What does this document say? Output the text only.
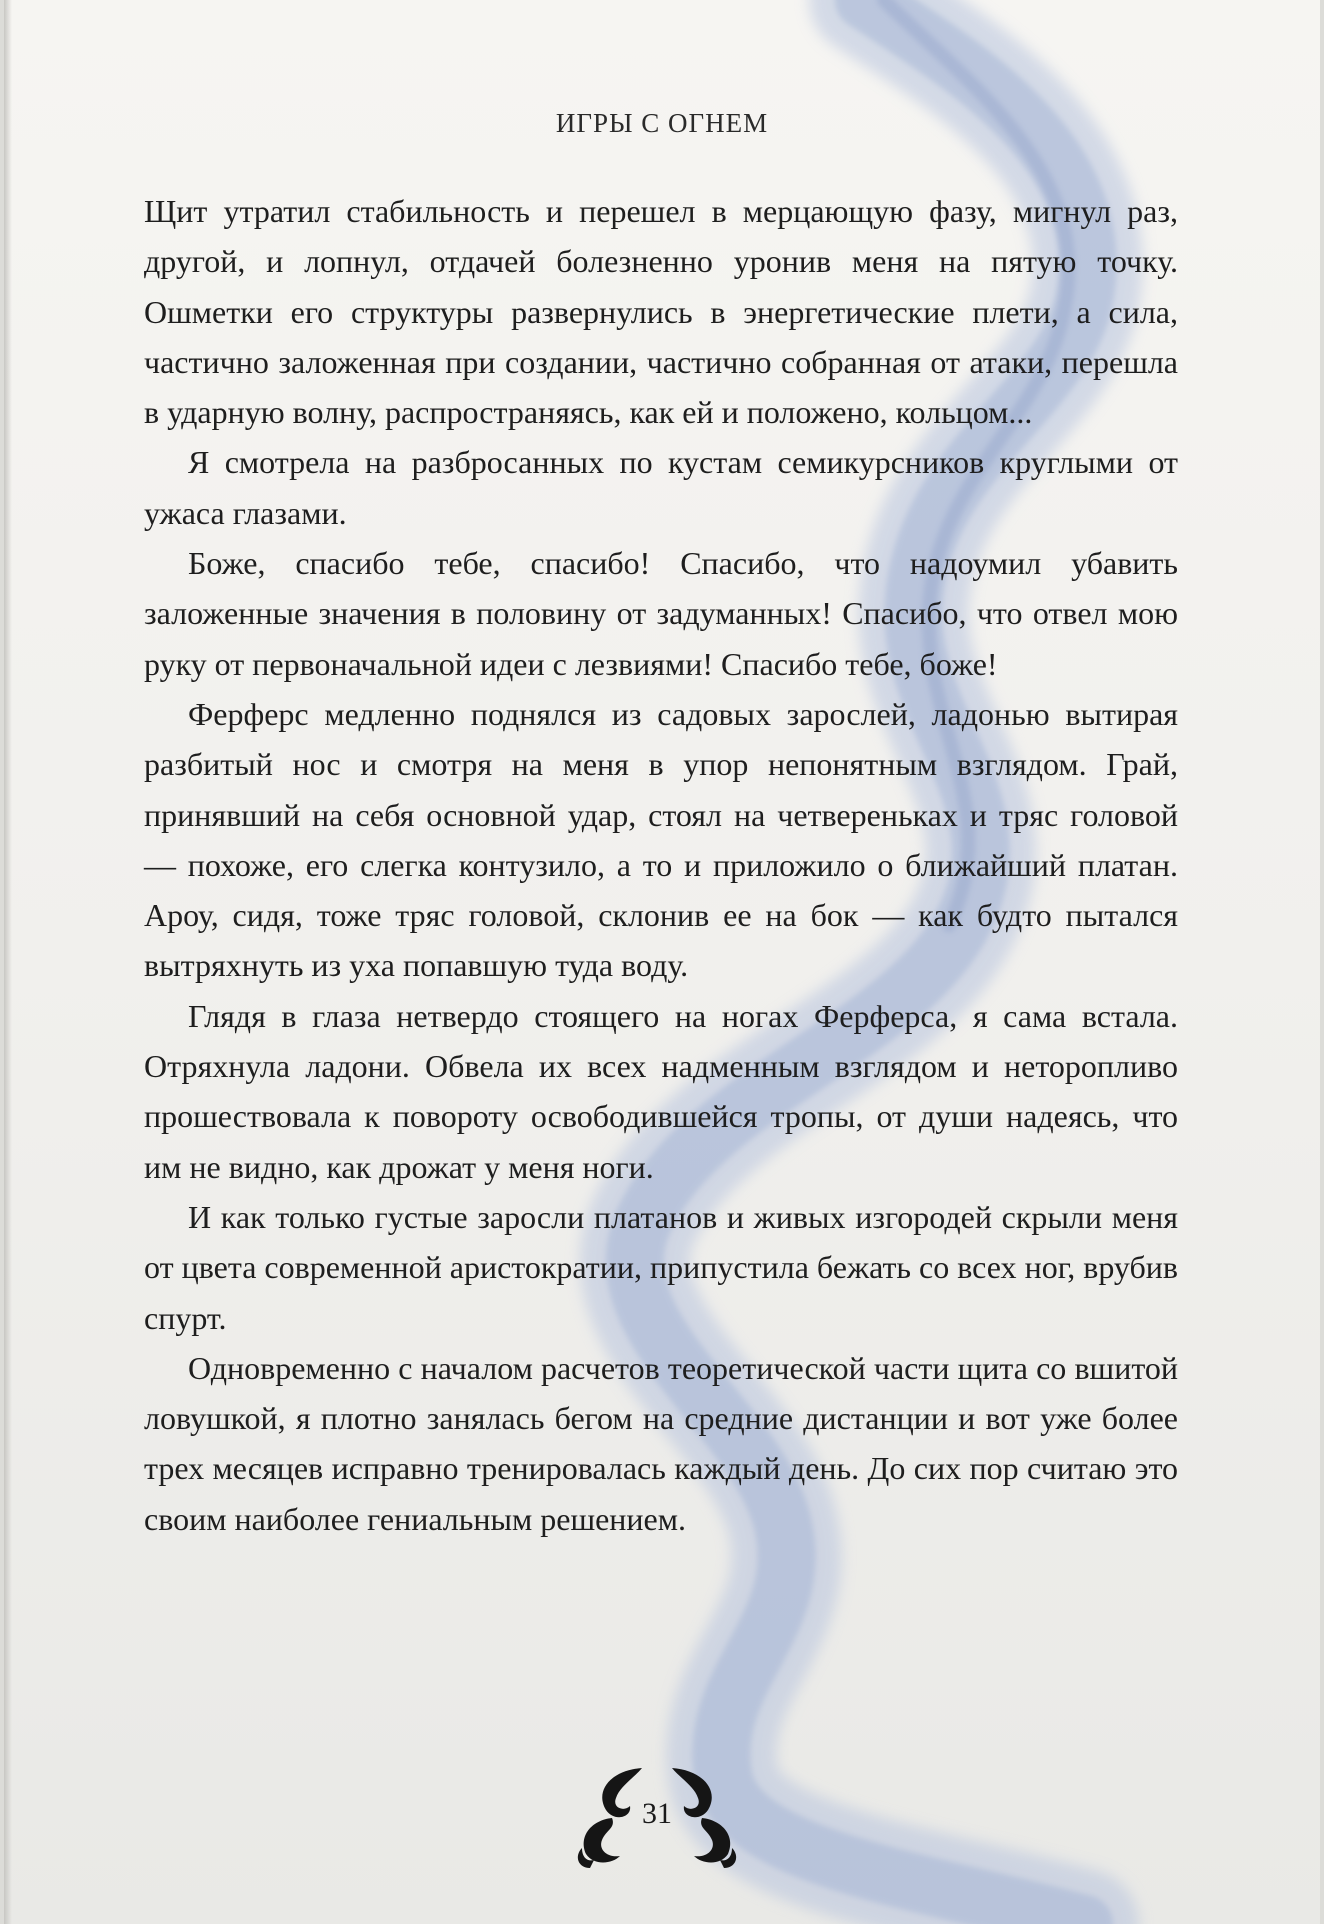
ИГРЫ С ОГНЕМ

Щит утратил стабильность и перешел в мерцающую фазу, мигнул раз, другой, и лопнул, отдачей болезненно уронив меня на пятую точку. Ошметки его структуры развернулись в энергетические плети, а сила, частично заложенная при создании, частично собранная от атаки, перешла в ударную волну, распространяясь, как ей и положено, кольцом...

Я смотрела на разбросанных по кустам семикурсников круглыми от ужаса глазами.

Боже, спасибо тебе, спасибо! Спасибо, что надоумил убавить заложенные значения в половину от задуманных! Спасибо, что отвел мою руку от первоначальной идеи с лезвиями! Спасибо тебе, боже!

Ферферс медленно поднялся из садовых зарослей, ладонью вытирая разбитый нос и смотря на меня в упор непонятным взглядом. Грай, принявший на себя основной удар, стоял на четвереньках и тряс головой — похоже, его слегка контузило, а то и приложило о ближайший платан. Ароу, сидя, тоже тряс головой, склонив ее на бок — как будто пытался вытряхнуть из уха попавшую туда воду.

Глядя в глаза нетвердо стоящего на ногах Ферферса, я сама встала. Отряхнула ладони. Обвела их всех надменным взглядом и неторопливо прошествовала к повороту освободившейся тропы, от души надеясь, что им не видно, как дрожат у меня ноги.

И как только густые заросли платанов и живых изгородей скрыли меня от цвета современной аристократии, припустила бежать со всех ног, врубив спурт.

Одновременно с началом расчетов теоретической части щита со вшитой ловушкой, я плотно занялась бегом на средние дистанции и вот уже более трех месяцев исправно тренировалась каждый день. До сих пор считаю это своим наиболее гениальным решением.

31
